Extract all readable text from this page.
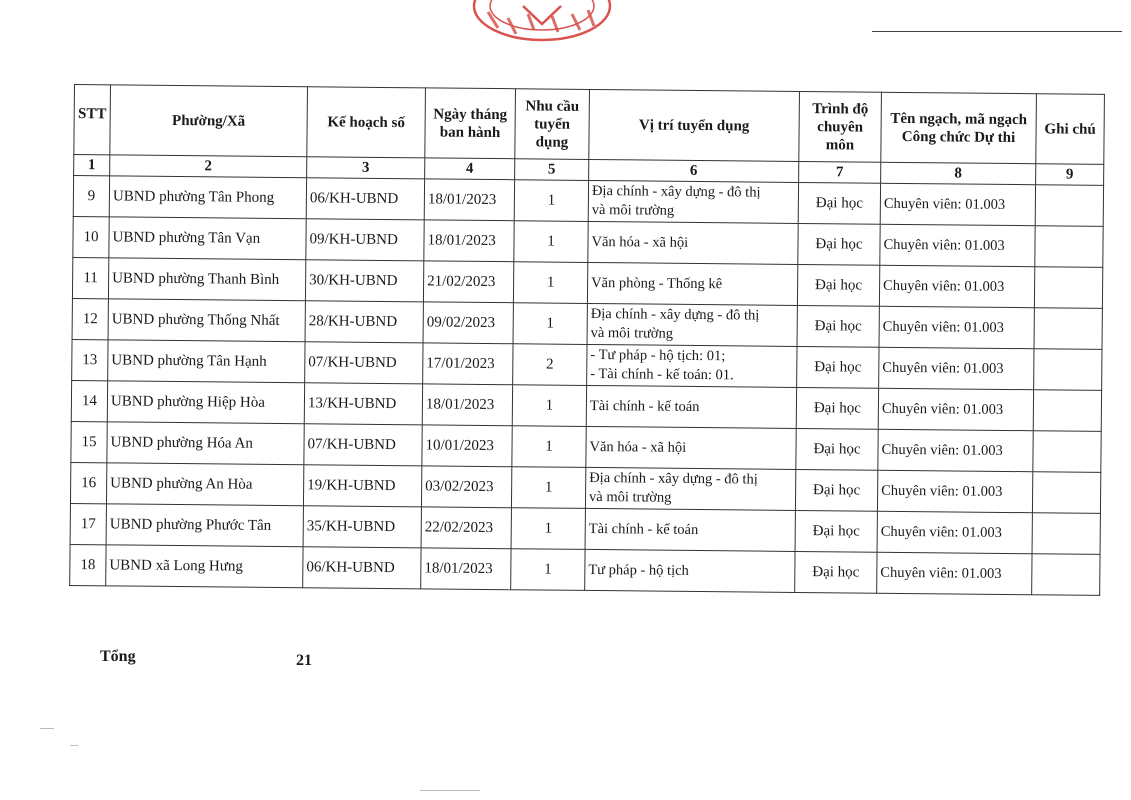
STT	Phường/Xã	Kế hoạch số	Ngày tháng ban hành	Nhu cầu tuyển dụng	Vị trí tuyển dụng	Trình độ chuyên môn	Tên ngạch, mã ngạch Công chức Dự thi	Ghi chú
1	2	3	4	5	6	7	8	9
9	UBND phường Tân Phong	06/KH-UBND	18/01/2023	1	Địa chính - xây dựng - đô thị
và môi trường	Đại học	Chuyên viên: 01.003	
10	UBND phường Tân Vạn	09/KH-UBND	18/01/2023	1	Văn hóa - xã hội	Đại học	Chuyên viên: 01.003	
11	UBND phường Thanh Bình	30/KH-UBND	21/02/2023	1	Văn phòng - Thống kê	Đại học	Chuyên viên: 01.003	
12	UBND phường Thống Nhất	28/KH-UBND	09/02/2023	1	Địa chính - xây dựng - đô thị
và môi trường	Đại học	Chuyên viên: 01.003	
13	UBND phường Tân Hạnh	07/KH-UBND	17/01/2023	2	- Tư pháp - hộ tịch: 01;
- Tài chính - kế toán: 01.	Đại học	Chuyên viên: 01.003	
14	UBND phường Hiệp Hòa	13/KH-UBND	18/01/2023	1	Tài chính - kế toán	Đại học	Chuyên viên: 01.003	
15	UBND phường Hóa An	07/KH-UBND	10/01/2023	1	Văn hóa - xã hội	Đại học	Chuyên viên: 01.003	
16	UBND phường An Hòa	19/KH-UBND	03/02/2023	1	Địa chính - xây dựng - đô thị
và môi trường	Đại học	Chuyên viên: 01.003	
17	UBND phường Phước Tân	35/KH-UBND	22/02/2023	1	Tài chính - kế toán	Đại học	Chuyên viên: 01.003	
18	UBND xã Long Hưng	06/KH-UBND	18/01/2023	1	Tư pháp - hộ tịch	Đại học	Chuyên viên: 01.003	
Tổng	21
